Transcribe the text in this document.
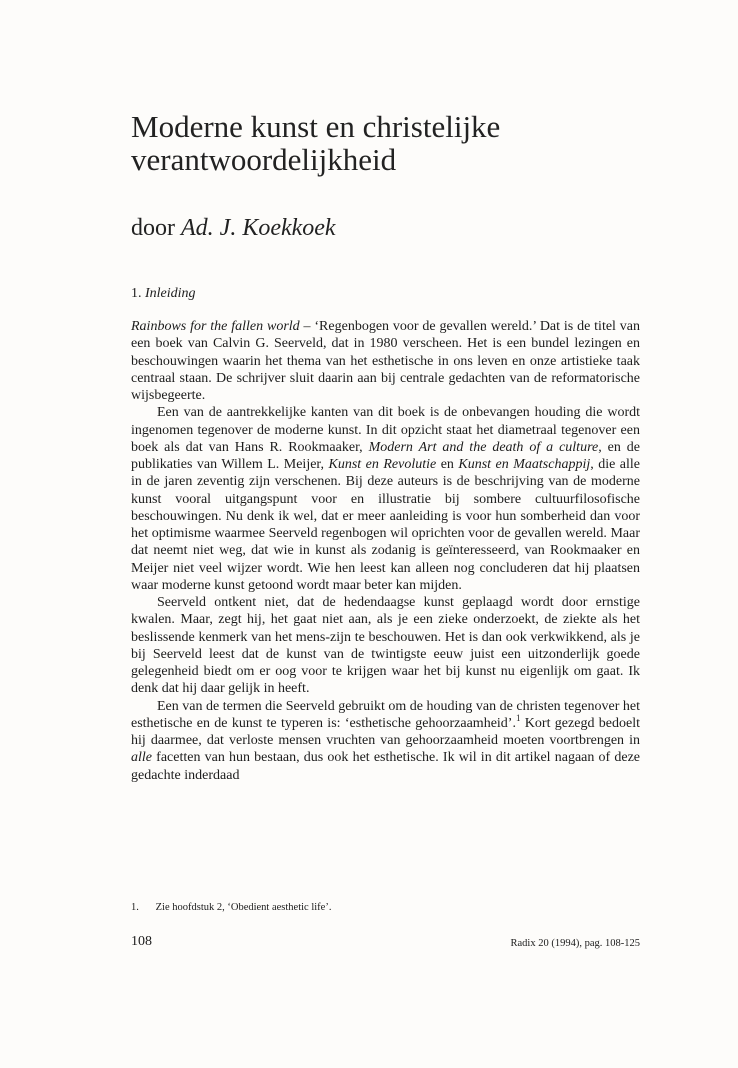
Moderne kunst en christelijke
verantwoordelijkheid
door Ad. J. Koekkoek
1. Inleiding

Rainbows for the fallen world – ‘Regenbogen voor de gevallen wereld.’ Dat is de titel van een boek van Calvin G. Seerveld, dat in 1980 verscheen. Het is een bundel lezingen en beschouwingen waarin het thema van het esthetische in ons leven en onze artistieke taak centraal staan. De schrijver sluit daarin aan bij centrale gedachten van de reformatorische wijsbegeerte.

Een van de aantrekkelijke kanten van dit boek is de onbevangen houding die wordt ingenomen tegenover de moderne kunst. In dit opzicht staat het diametraal tegenover een boek als dat van Hans R. Rookmaaker, Modern Art and the death of a culture, en de publikaties van Willem L. Meijer, Kunst en Revolutie en Kunst en Maatschappij, die alle in de jaren zeventig zijn verschenen. Bij deze auteurs is de beschrijving van de moderne kunst vooral uitgangspunt voor en illustratie bij sombere cultuurfilosofische beschouwingen. Nu denk ik wel, dat er meer aanleiding is voor hun somberheid dan voor het optimisme waarmee Seerveld regenbogen wil oprichten voor de gevallen wereld. Maar dat neemt niet weg, dat wie in kunst als zodanig is geïnteresseerd, van Rookmaaker en Meijer niet veel wijzer wordt. Wie hen leest kan alleen nog concluderen dat hij plaatsen waar moderne kunst getoond wordt maar beter kan mijden.

Seerveld ontkent niet, dat de hedendaagse kunst geplaagd wordt door ernstige kwalen. Maar, zegt hij, het gaat niet aan, als je een zieke onderzoekt, de ziekte als het beslissende kenmerk van het mens-zijn te beschouwen. Het is dan ook verkwikkend, als je bij Seerveld leest dat de kunst van de twintigste eeuw juist een uitzonderlijk goede gelegenheid biedt om er oog voor te krijgen waar het bij kunst nu eigenlijk om gaat. Ik denk dat hij daar gelijk in heeft.

Een van de termen die Seerveld gebruikt om de houding van de christen tegenover het esthetische en de kunst te typeren is: ‘esthetische gehoorzaamheid’.$^1$ Kort gezegd bedoelt hij daarmee, dat verloste mensen vruchten van gehoorzaamheid moeten voortbrengen in alle facetten van hun bestaan, dus ook het esthetische. Ik wil in dit artikel nagaan of deze gedachte inderdaad

1. Zie hoofdstuk 2, ‘Obedient aesthetic life’.
108	Radix 20 (1994), pag. 108-125
